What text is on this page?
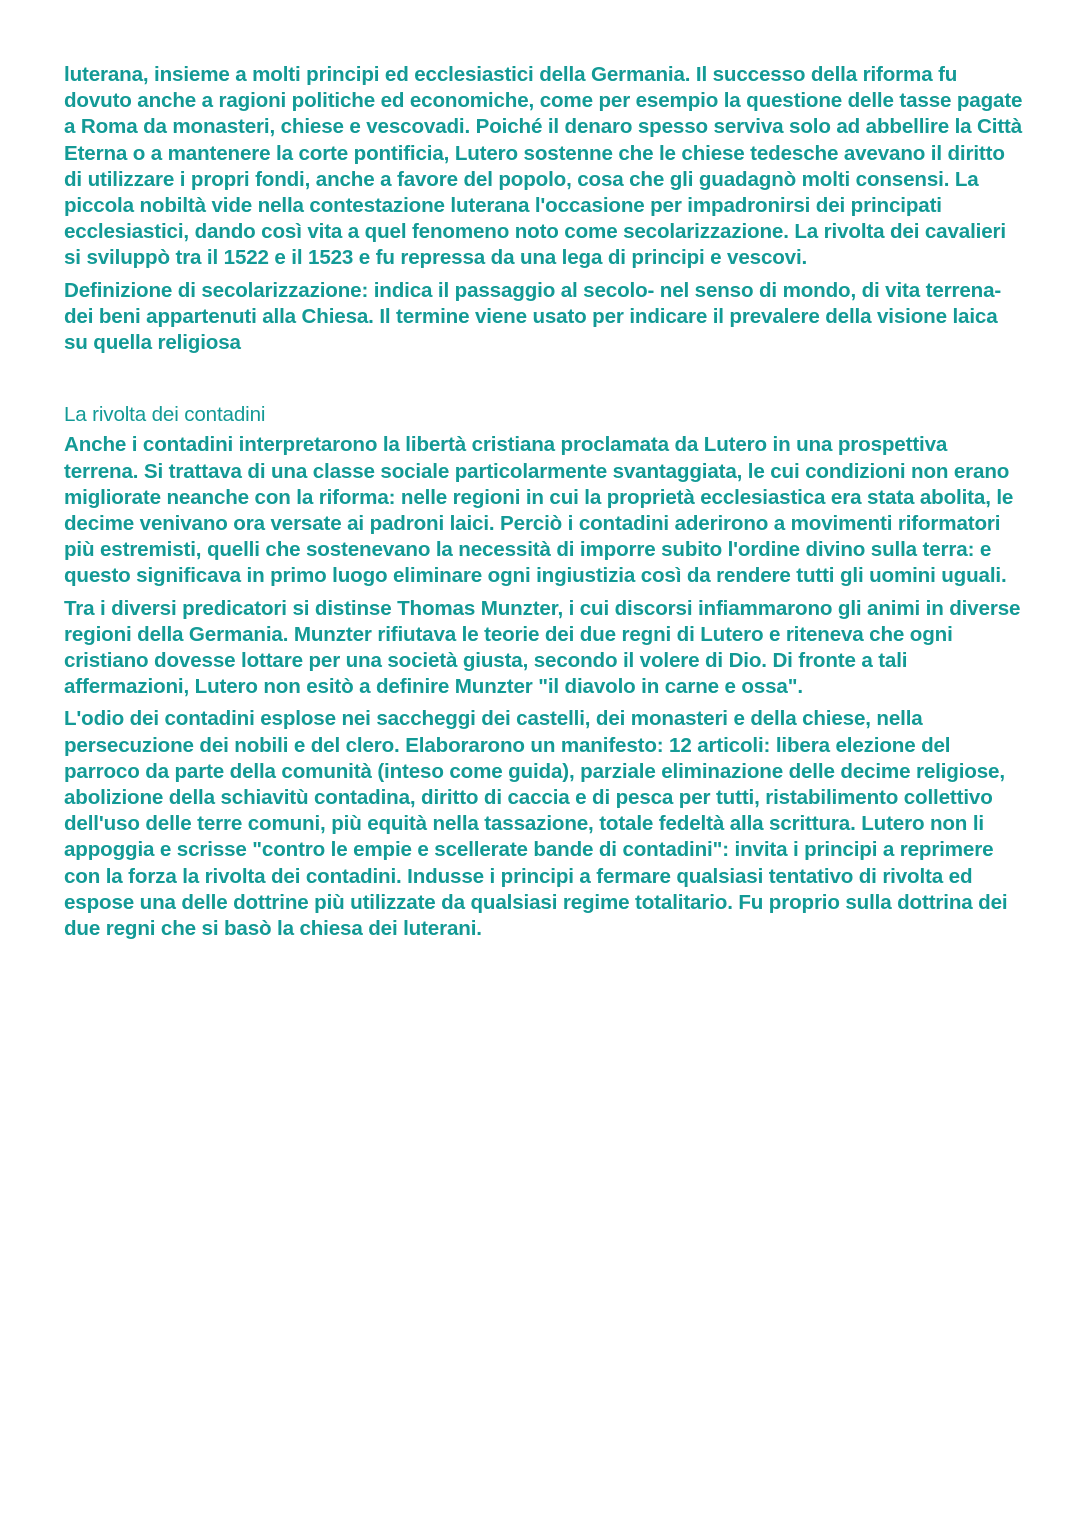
luterana, insieme a molti principi ed ecclesiastici della Germania. Il successo della riforma fu dovuto anche a ragioni politiche ed economiche, come per esempio la questione delle tasse pagate a Roma da monasteri, chiese e vescovadi. Poiché il denaro spesso serviva solo ad abbellire la Città Eterna o a mantenere la corte pontificia, Lutero sostenne che le chiese tedesche avevano il diritto di utilizzare i propri fondi, anche a favore del popolo, cosa che gli guadagnò molti consensi. La piccola nobiltà vide nella contestazione luterana l'occasione per impadronirsi dei principati ecclesiastici, dando così vita a quel fenomeno noto come secolarizzazione. La rivolta dei cavalieri si sviluppò tra il 1522 e il 1523 e fu repressa da una lega di principi e vescovi.

Definizione di secolarizzazione: indica il passaggio al secolo- nel senso di mondo, di vita terrena- dei beni appartenuti alla Chiesa. Il termine viene usato per indicare il prevalere della visione laica su quella religiosa

La rivolta dei contadini

Anche i contadini interpretarono la libertà cristiana proclamata da Lutero in una prospettiva terrena. Si trattava di una classe sociale particolarmente svantaggiata, le cui condizioni non erano migliorate neanche con la riforma: nelle regioni in cui la proprietà ecclesiastica era stata abolita, le decime venivano ora versate ai padroni laici. Perciò i contadini aderirono a movimenti riformatori più estremisti, quelli che sostenevano la necessità di imporre subito l'ordine divino sulla terra: e questo significava in primo luogo eliminare ogni ingiustizia così da rendere tutti gli uomini uguali.

Tra i diversi predicatori si distinse Thomas Munzter, i cui discorsi infiammarono gli animi in diverse regioni della Germania. Munzter rifiutava le teorie dei due regni di Lutero e riteneva che ogni cristiano dovesse lottare per una società giusta, secondo il volere di Dio. Di fronte a tali affermazioni, Lutero non esitò a definire Munzter "il diavolo in carne e ossa".

L'odio dei contadini esplose nei saccheggi dei castelli, dei monasteri e della chiese, nella persecuzione dei nobili e del clero. Elaborarono un manifesto: 12 articoli: libera elezione del parroco da parte della comunità (inteso come guida), parziale eliminazione delle decime religiose, abolizione della schiavitù contadina, diritto di caccia e di pesca per tutti, ristabilimento collettivo dell'uso delle terre comuni, più equità nella tassazione, totale fedeltà alla scrittura. Lutero non li appoggia e scrisse "contro le empie e scellerate bande di contadini": invita i principi a reprimere con la forza la rivolta dei contadini. Indusse i principi a fermare qualsiasi tentativo di rivolta ed espose una delle dottrine più utilizzate da qualsiasi regime totalitario. Fu proprio sulla dottrina dei due regni che si basò la chiesa dei luterani.
